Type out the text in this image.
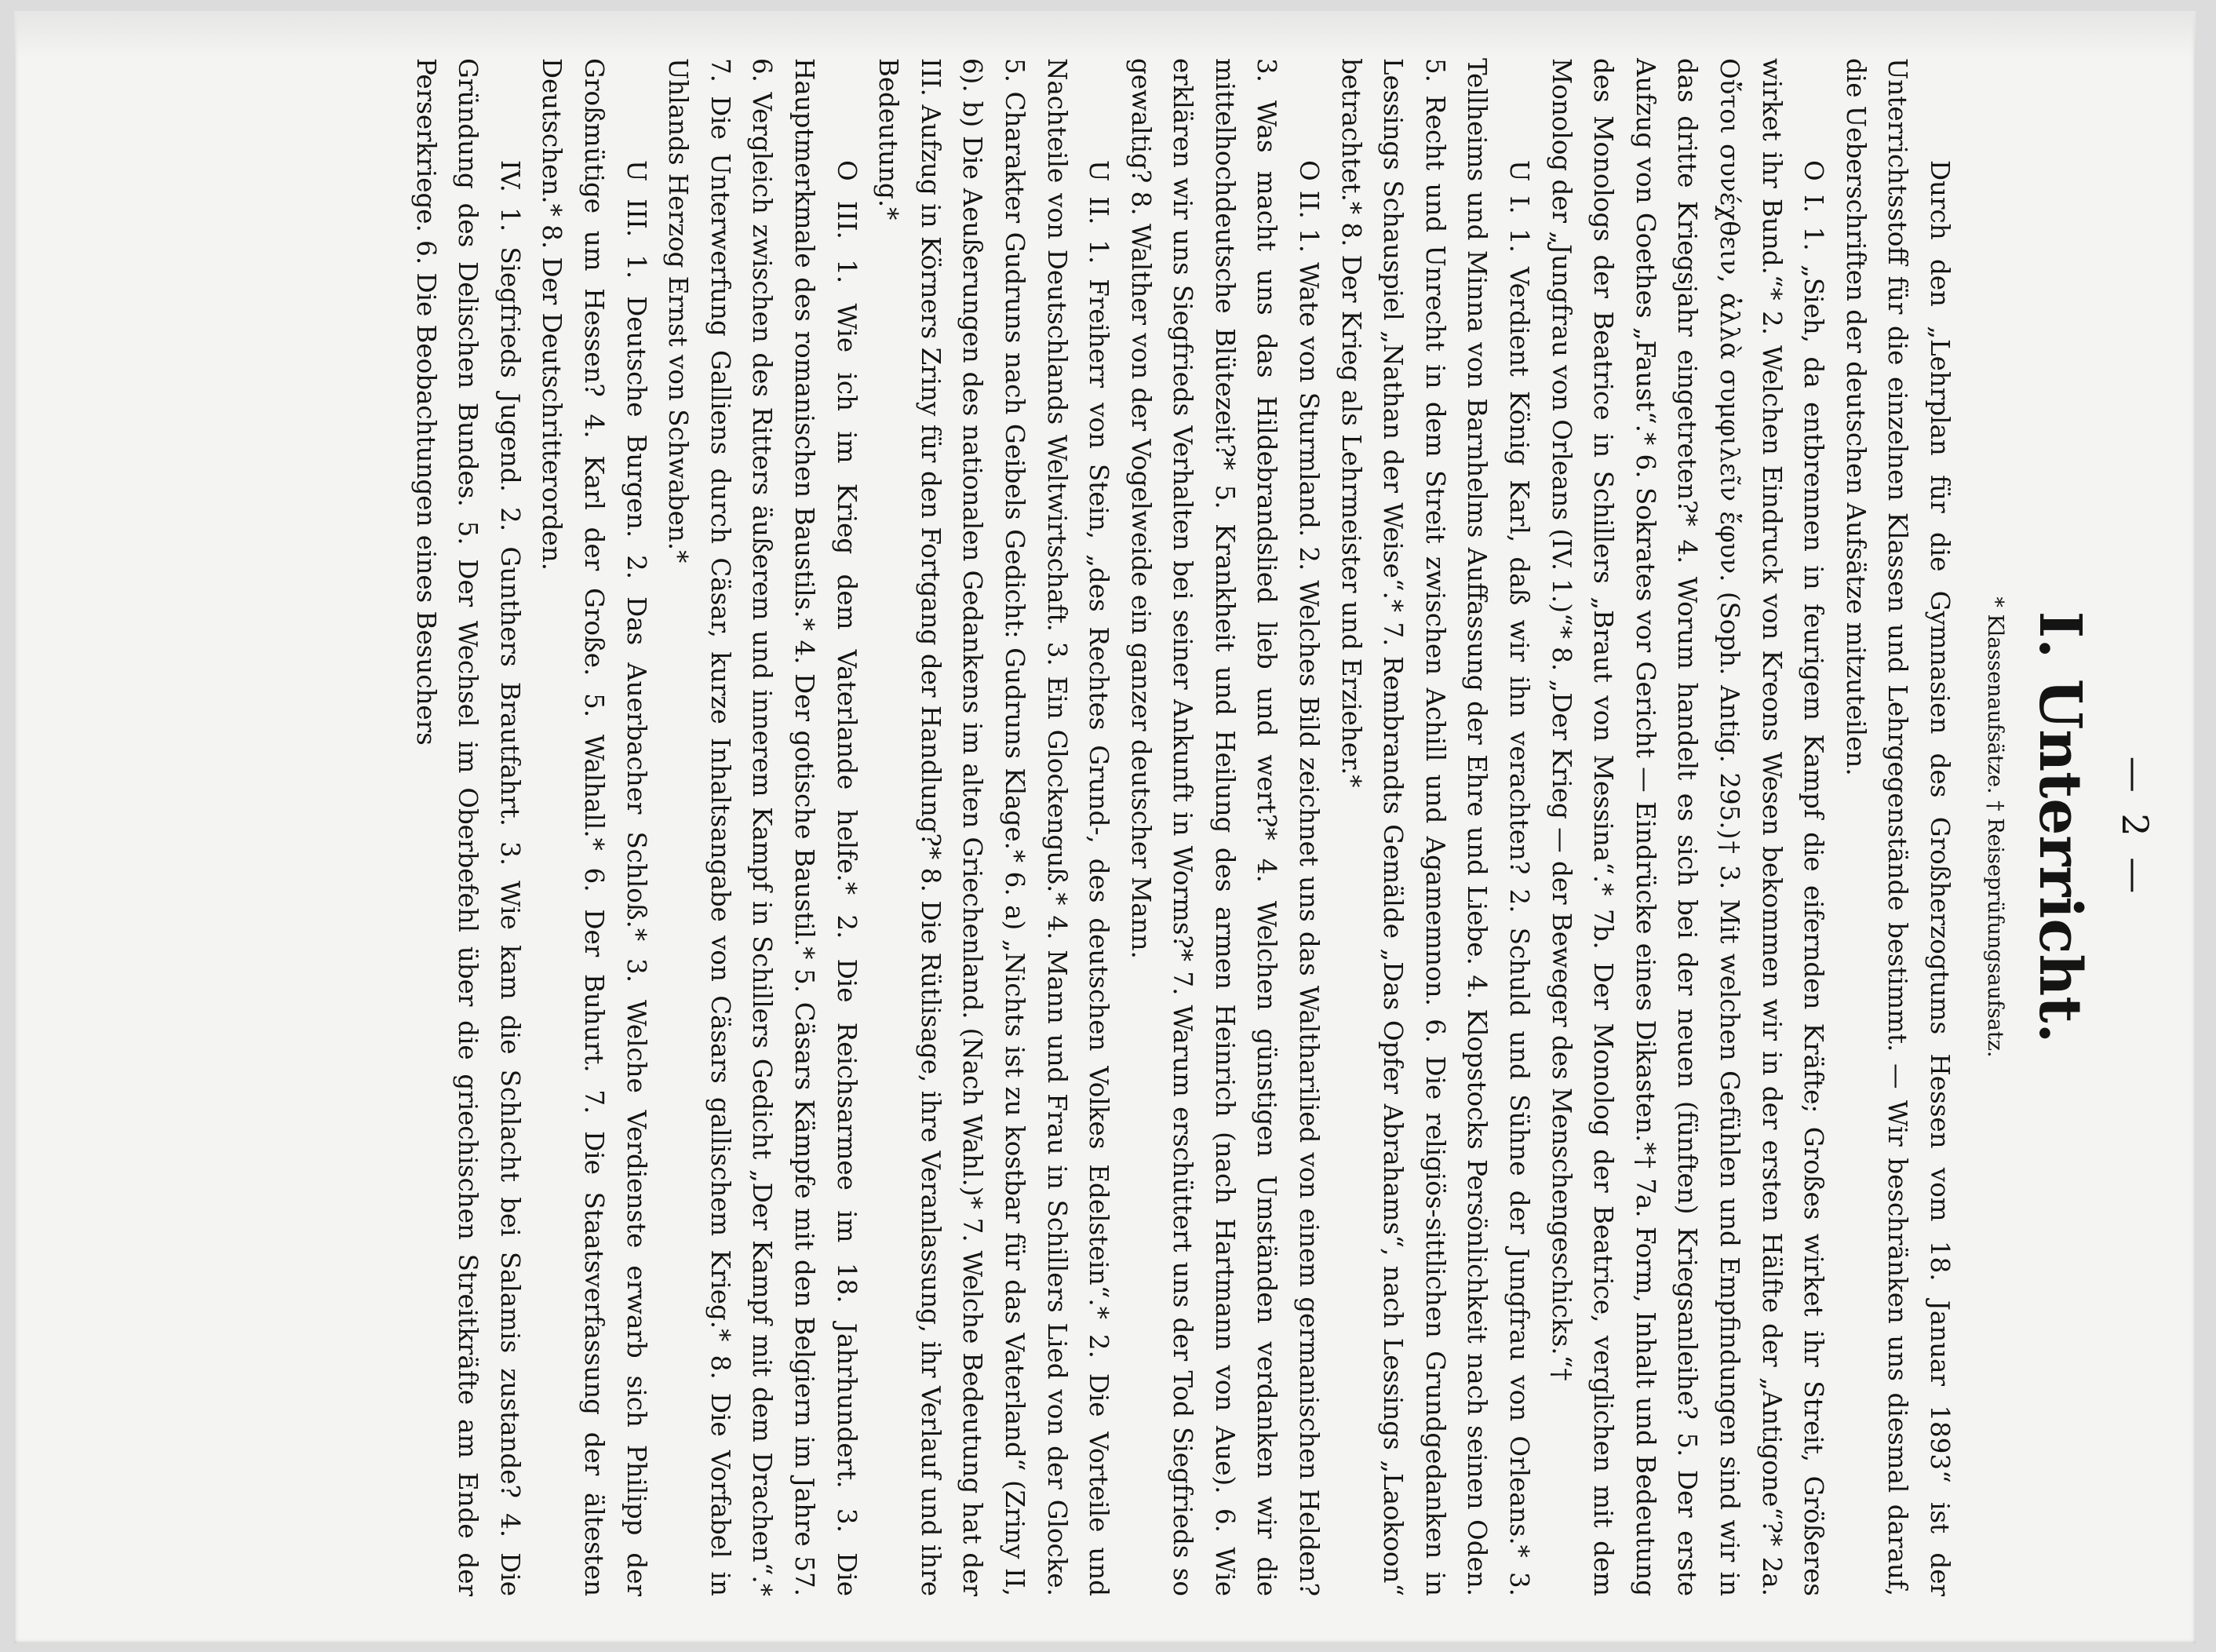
— 2 —
I. Unterricht.
* Klassenaufsätze. † Reiseprüfungsaufsatz.

Durch den „Lehrplan für die Gymnasien des Großherzogtums Hessen vom 18. Januar 1893“ ist der Unterrichtsstoff für die einzelnen Klassen und Lehrgegenstände bestimmt. — Wir beschränken uns diesmal darauf, die Ueberschriften der deutschen Aufsätze mitzuteilen.

O I. 1. „Sieh, da entbrennen in feurigem Kampf die eifernden Kräfte; Großes wirket ihr Streit, Größeres wirket ihr Bund.“* 2. Welchen Eindruck von Kreons Wesen bekommen wir in der ersten Hälfte der „Antigone“?* 2a. Οὔτοι συνέχθειν, ἀλλὰ συμφιλεῖν ἔφυν. (Soph. Antig. 295.)† 3. Mit welchen Gefühlen und Empfindungen sind wir in das dritte Kriegsjahr eingetreten?* 4. Worum handelt es sich bei der neuen (fünften) Kriegsanleihe? 5. Der erste Aufzug von Goethes „Faust“.* 6. Sokrates vor Gericht — Eindrücke eines Dikasten.*† 7a. Form, Inhalt und Bedeutung des Monologs der Beatrice in Schillers „Braut von Messina“.* 7b. Der Monolog der Beatrice, verglichen mit dem Monolog der „Jungfrau von Orleans (IV. 1.)“* 8. „Der Krieg — der Beweger des Menschengeschicks.“†

U I. 1. Verdient König Karl, daß wir ihn verachten? 2. Schuld und Sühne der Jungfrau von Orleans.* 3. Tellheims und Minna von Barnhelms Auffassung der Ehre und Liebe. 4. Klopstocks Persönlichkeit nach seinen Oden. 5. Recht und Unrecht in dem Streit zwischen Achill und Agamemnon. 6. Die religiös-sittlichen Grundgedanken in Lessings Schauspiel „Nathan der Weise“.* 7. Rembrandts Gemälde „Das Opfer Abrahams“, nach Lessings „Laokoon“ betrachtet.* 8. Der Krieg als Lehrmeister und Erzieher.*

O II. 1. Wate von Sturmland. 2. Welches Bild zeichnet uns das Waltharilied von einem germanischen Helden? 3. Was macht uns das Hildebrandslied lieb und wert?* 4. Welchen günstigen Umständen verdanken wir die mittelhochdeutsche Blütezeit?* 5. Krankheit und Heilung des armen Heinrich (nach Hartmann von Aue). 6. Wie erklären wir uns Siegfrieds Verhalten bei seiner Ankunft in Worms?* 7. Warum erschüttert uns der Tod Siegfrieds so gewaltig? 8. Walther von der Vogelweide ein ganzer deutscher Mann.

U II. 1. Freiherr von Stein, „des Rechtes Grund-, des deutschen Volkes Edelstein“.* 2. Die Vorteile und Nachteile von Deutschlands Weltwirtschaft. 3. Ein Glockenguß.* 4. Mann und Frau in Schillers Lied von der Glocke. 5. Charakter Gudruns nach Geibels Gedicht: Gudruns Klage.* 6. a) „Nichts ist zu kostbar für das Vaterland“ (Zriny II, 6). b) Die Aeußerungen des nationalen Gedankens im alten Griechenland. (Nach Wahl.)* 7. Welche Bedeutung hat der III. Aufzug in Körners Zriny für den Fortgang der Handlung?* 8. Die Rütlisage, ihre Veranlassung, ihr Verlauf und ihre Bedeutung.*

O III. 1. Wie ich im Krieg dem Vaterlande helfe.* 2. Die Reichsarmee im 18. Jahrhundert. 3. Die Hauptmerkmale des romanischen Baustils.* 4. Der gotische Baustil.* 5. Cäsars Kämpfe mit den Belgiern im Jahre 57. 6. Vergleich zwischen des Ritters äußerem und innerem Kampf in Schillers Gedicht „Der Kampf mit dem Drachen“.* 7. Die Unterwerfung Galliens durch Cäsar, kurze Inhaltsangabe von Cäsars gallischem Krieg.* 8. Die Vorfabel in Uhlands Herzog Ernst von Schwaben.*

U III. 1. Deutsche Burgen. 2. Das Auerbacher Schloß.* 3. Welche Verdienste erwarb sich Philipp der Großmütige um Hessen? 4. Karl der Große. 5. Walhall.* 6. Der Buhurt. 7. Die Staatsverfassung der ältesten Deutschen.* 8. Der Deutschritterorden.

IV. 1. Siegfrieds Jugend. 2. Gunthers Brautfahrt. 3. Wie kam die Schlacht bei Salamis zustande? 4. Die Gründung des Delischen Bundes. 5. Der Wechsel im Oberbefehl über die griechischen Streitkräfte am Ende der Perserkriege. 6. Die Beobachtungen eines Besuchers
